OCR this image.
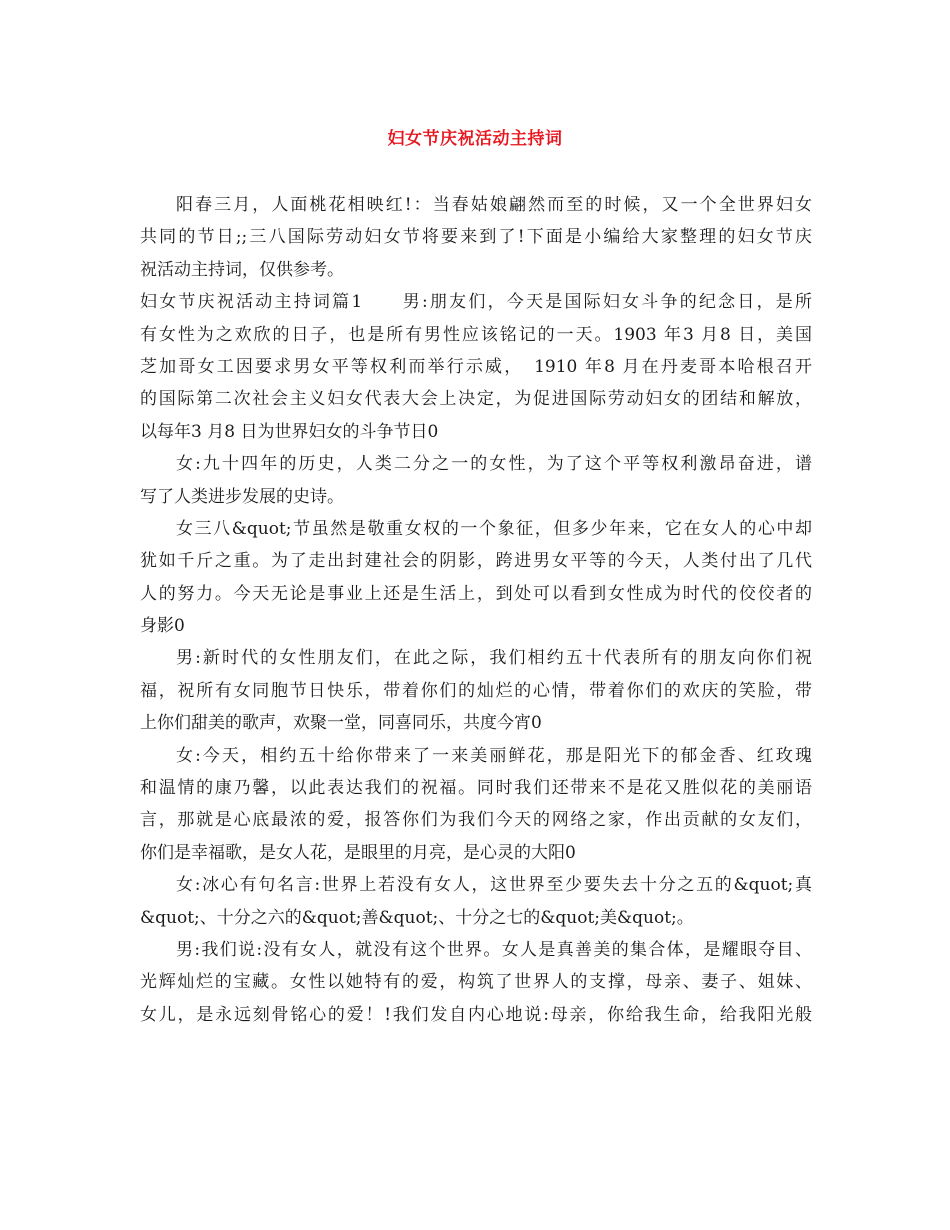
妇女节庆祝活动主持词
阳春三月，人面桃花相映红!：当春姑娘翩然而至的时候，又一个全世界妇女
共同的节日;;三八国际劳动妇女节将要来到了!下面是小编给大家整理的妇女节庆
祝活动主持词，仅供参考。
妇女节庆祝活动主持词篇1　　男:朋友们，今天是国际妇女斗争的纪念日，是所
有女性为之欢欣的日子，也是所有男性应该铭记的一天。1903 年3 月8 日，美国
芝加哥女工因要求男女平等权利而举行示威，　1910 年8 月在丹麦哥本哈根召开
的国际第二次社会主义妇女代表大会上决定，为促进国际劳动妇女的团结和解放，
以每年3 月8 日为世界妇女的斗争节日0
女:九十四年的历史，人类二分之一的女性，为了这个平等权利激昂奋进，谱
写了人类进步发展的史诗。
女三八&quot;节虽然是敬重女权的一个象征，但多少年来，它在女人的心中却
犹如千斤之重。为了走出封建社会的阴影，跨进男女平等的今天，人类付出了几代
人的努力。今天无论是事业上还是生活上，到处可以看到女性成为时代的佼佼者的
身影0
男:新时代的女性朋友们，在此之际，我们相约五十代表所有的朋友向你们祝
福，祝所有女同胞节日快乐，带着你们的灿烂的心情，带着你们的欢庆的笑脸，带
上你们甜美的歌声，欢聚一堂，同喜同乐，共度今宵0
女:今天，相约五十给你带来了一来美丽鲜花，那是阳光下的郁金香、红玫瑰
和温情的康乃馨，以此表达我们的祝福。同时我们还带来不是花又胜似花的美丽语
言，那就是心底最浓的爱，报答你们为我们今天的网络之家，作出贡献的女友们，
你们是幸福歌，是女人花，是眼里的月亮，是心灵的大阳0
女:冰心有句名言:世界上若没有女人，这世界至少要失去十分之五的&quot;真
&quot;、十分之六的&quot;善&quot;、十分之七的&quot;美&quot;。
男:我们说:没有女人，就没有这个世界。女人是真善美的集合体，是耀眼夺目、
光辉灿烂的宝藏。女性以她特有的爱，构筑了世界人的支撑，母亲、妻子、姐妹、
女儿，是永远刻骨铭心的爱！!我们发自内心地说:母亲，你给我生命，给我阳光般
